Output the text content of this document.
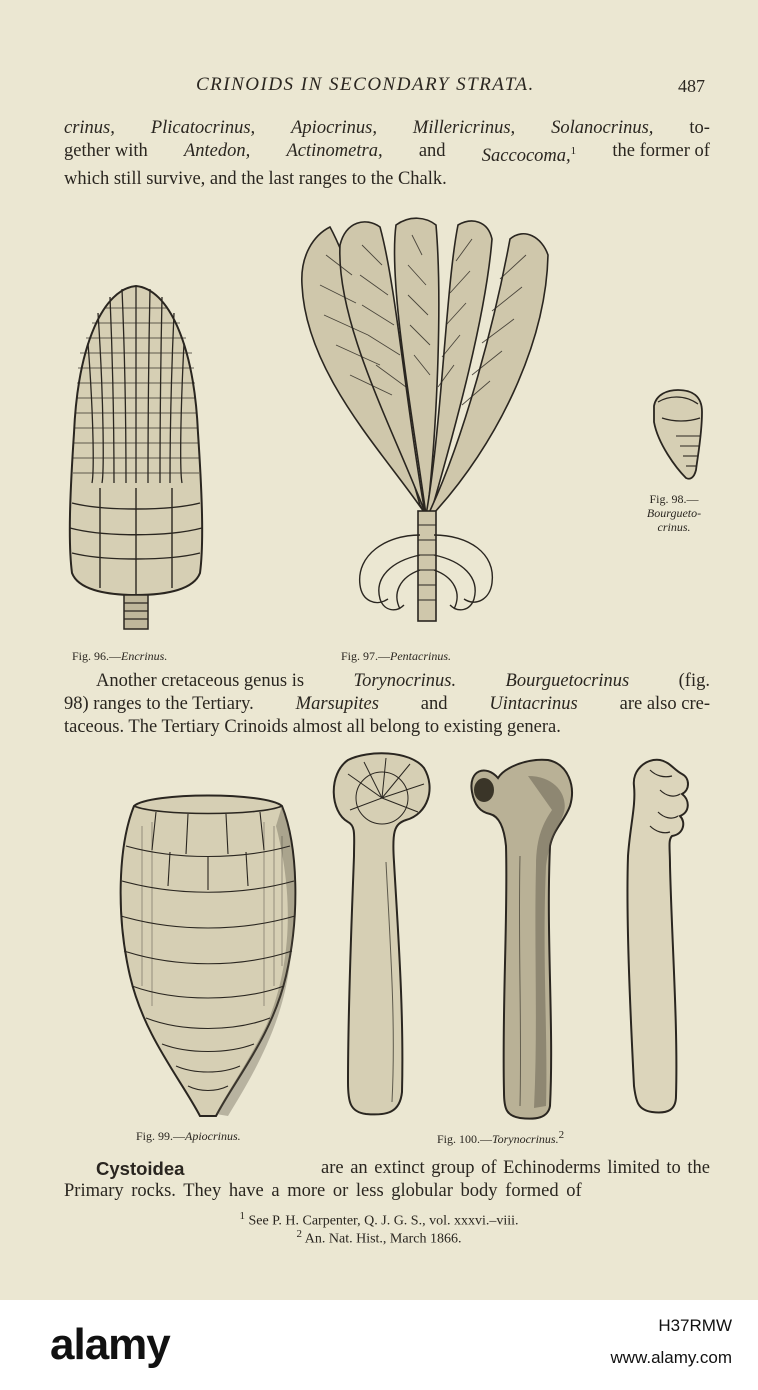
CRINOIDS IN SECONDARY STRATA.	487
crinus, Plicatocrinus, Apiocrinus, Millericrinus, Solanocrinus, to-
gether with Antedon, Actinometra, and Saccocoma,$^1$ the former of
which still survive, and the last ranges to the Chalk.
Fig. 96.—Encrinus.	Fig. 97.—Pentacrinus.
Fig. 98.—
Bourgueto-
crinus.
Another cretaceous genus is	Torynocrinus.	Bourguetocrinus	(fig.
98) ranges to the Tertiary. Marsupites and Uintacrinus are also cre-
taceous. The Tertiary Crinoids almost all belong to existing genera.
Fig. 99.—Apiocrinus.	Fig. 100.—Torynocrinus.$^2$
Cystoidea	are an extinct group of Echinoderms limited to the
Primary rocks. They have a more or less globular body formed of
$^1$ See P. H. Carpenter, Q. J. G. S., vol. xxxvi.–viii.
$^2$ An. Nat. Hist., March 1866.
alamy	H37RMW
www.alamy.com
